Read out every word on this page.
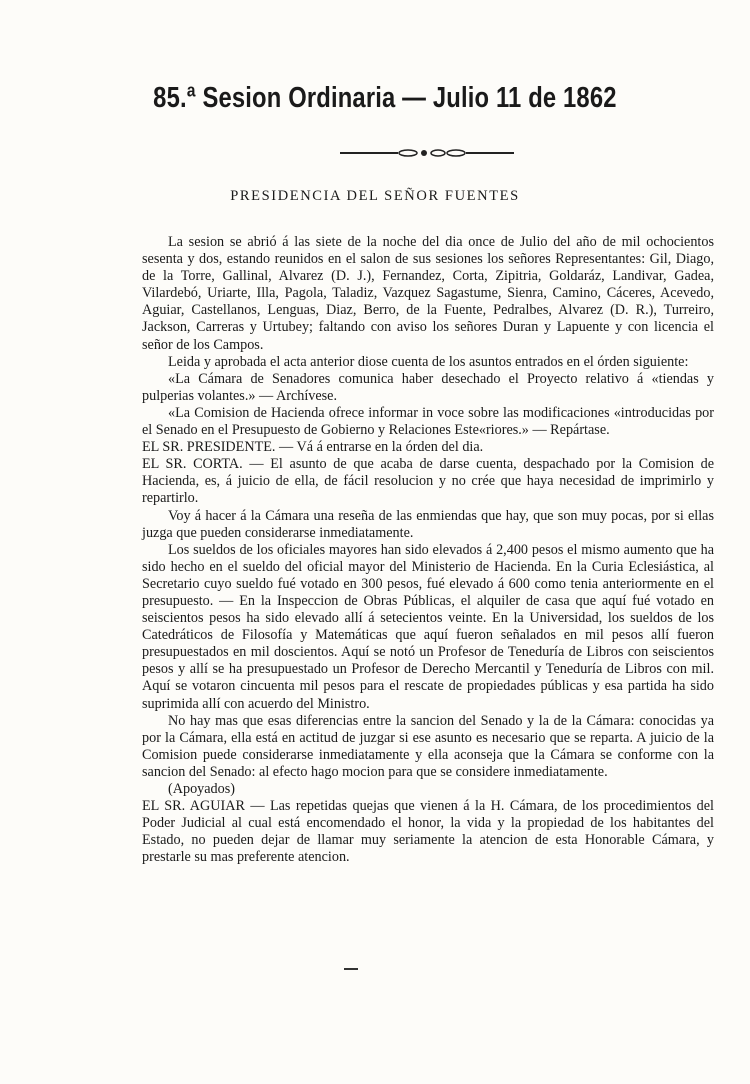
85.ª Sesion Ordinaria — Julio 11 de 1862
PRESIDENCIA DEL SEÑOR FUENTES

La sesion se abrió á las siete de la noche del dia once de Julio del año de mil ochocientos sesenta y dos, estando reunidos en el salon de sus sesiones los señores Representantes: Gil, Diago, de la Torre, Gallinal, Alvarez (D. J.), Fernandez, Corta, Zipitria, Goldaráz, Landivar, Gadea, Vilardebó, Uriarte, Illa, Pagola, Taladiz, Vazquez Sagastume, Sienra, Camino, Cáceres, Acevedo, Aguiar, Castellanos, Lenguas, Diaz, Berro, de la Fuente, Pedralbes, Alvarez (D. R.), Turreiro, Jackson, Carreras y Urtubey; faltando con aviso los señores Duran y Lapuente y con licencia el señor de los Campos.

Leida y aprobada el acta anterior diose cuenta de los asuntos entrados en el órden siguiente:

«La Cámara de Senadores comunica haber desechado el Proyecto relativo á «tiendas y pulperias volantes.» — Archívese.

«La Comision de Hacienda ofrece informar in voce sobre las modificaciones «introducidas por el Senado en el Presupuesto de Gobierno y Relaciones Este«riores.» — Repártase.

EL SR. PRESIDENTE. — Vá á entrarse en la órden del dia.

EL SR. CORTA. — El asunto de que acaba de darse cuenta, despachado por la Comision de Hacienda, es, á juicio de ella, de fácil resolucion y no crée que haya necesidad de imprimirlo y repartirlo.

Voy á hacer á la Cámara una reseña de las enmiendas que hay, que son muy pocas, por si ellas juzga que pueden considerarse inmediatamente.

Los sueldos de los oficiales mayores han sido elevados á 2,400 pesos el mismo aumento que ha sido hecho en el sueldo del oficial mayor del Ministerio de Hacienda. En la Curia Eclesiástica, al Secretario cuyo sueldo fué votado en 300 pesos, fué elevado á 600 como tenia anteriormente en el presupuesto. — En la Inspeccion de Obras Públicas, el alquiler de casa que aquí fué votado en seiscientos pesos ha sido elevado allí á setecientos veinte. En la Universidad, los sueldos de los Catedráticos de Filosofía y Matemáticas que aquí fueron señalados en mil pesos allí fueron presupuestados en mil doscientos. Aquí se notó un Profesor de Teneduría de Libros con seiscientos pesos y allí se ha presupuestado un Profesor de Derecho Mercantil y Teneduría de Libros con mil. Aquí se votaron cincuenta mil pesos para el rescate de propiedades públicas y esa partida ha sido suprimida allí con acuerdo del Ministro.

No hay mas que esas diferencias entre la sancion del Senado y la de la Cámara: conocidas ya por la Cámara, ella está en actitud de juzgar si ese asunto es necesario que se reparta. A juicio de la Comision puede considerarse inmediatamente y ella aconseja que la Cámara se conforme con la sancion del Senado: al efecto hago mocion para que se considere inmediatamente.

(Apoyados)

EL SR. AGUIAR — Las repetidas quejas que vienen á la H. Cámara, de los procedimientos del Poder Judicial al cual está encomendado el honor, la vida y la propiedad de los habitantes del Estado, no pueden dejar de llamar muy seriamente la atencion de esta Honorable Cámara, y prestarle su mas preferente atencion.
